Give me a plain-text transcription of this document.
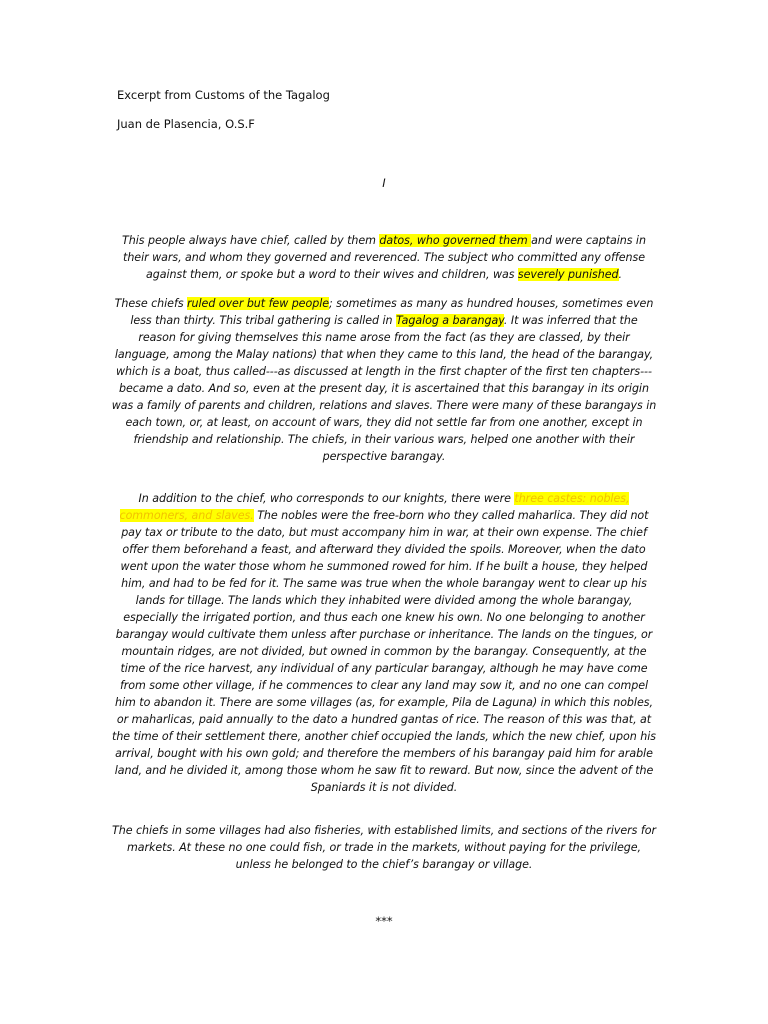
Excerpt from Customs of the Tagalog
Juan de Plasencia, O.S.F
I

This people always have chief, called by them datos, who governed them and were captains in their wars, and whom they governed and reverenced. The subject who committed any offense against them, or spoke but a word to their wives and children, was severely punished.

These chiefs ruled over but few people; sometimes as many as hundred houses, sometimes even less than thirty. This tribal gathering is called in Tagalog a barangay. It was inferred that the reason for giving themselves this name arose from the fact (as they are classed, by their language, among the Malay nations) that when they came to this land, the head of the barangay, which is a boat, thus called---as discussed at length in the first chapter of the first ten chapters---became a dato. And so, even at the present day, it is ascertained that this barangay in its origin was a family of parents and children, relations and slaves. There were many of these barangays in each town, or, at least, on account of wars, they did not settle far from one another, except in friendship and relationship. The chiefs, in their various wars, helped one another with their perspective barangay.

In addition to the chief, who corresponds to our knights, there were three castes: nobles, commoners, and slaves. The nobles were the free-born who they called maharlica. They did not pay tax or tribute to the dato, but must accompany him in war, at their own expense. The chief offer them beforehand a feast, and afterward they divided the spoils. Moreover, when the dato went upon the water those whom he summoned rowed for him. If he built a house, they helped him, and had to be fed for it. The same was true when the whole barangay went to clear up his lands for tillage. The lands which they inhabited were divided among the whole barangay, especially the irrigated portion, and thus each one knew his own. No one belonging to another barangay would cultivate them unless after purchase or inheritance. The lands on the tingues, or mountain ridges, are not divided, but owned in common by the barangay. Consequently, at the time of the rice harvest, any individual of any particular barangay, although he may have come from some other village, if he commences to clear any land may sow it, and no one can compel him to abandon it. There are some villages (as, for example, Pila de Laguna) in which this nobles, or maharlicas, paid annually to the dato a hundred gantas of rice. The reason of this was that, at the time of their settlement there, another chief occupied the lands, which the new chief, upon his arrival, bought with his own gold; and therefore the members of his barangay paid him for arable land, and he divided it, among those whom he saw fit to reward. But now, since the advent of the Spaniards it is not divided.

The chiefs in some villages had also fisheries, with established limits, and sections of the rivers for markets. At these no one could fish, or trade in the markets, without paying for the privilege, unless he belonged to the chief’s barangay or village.

***
